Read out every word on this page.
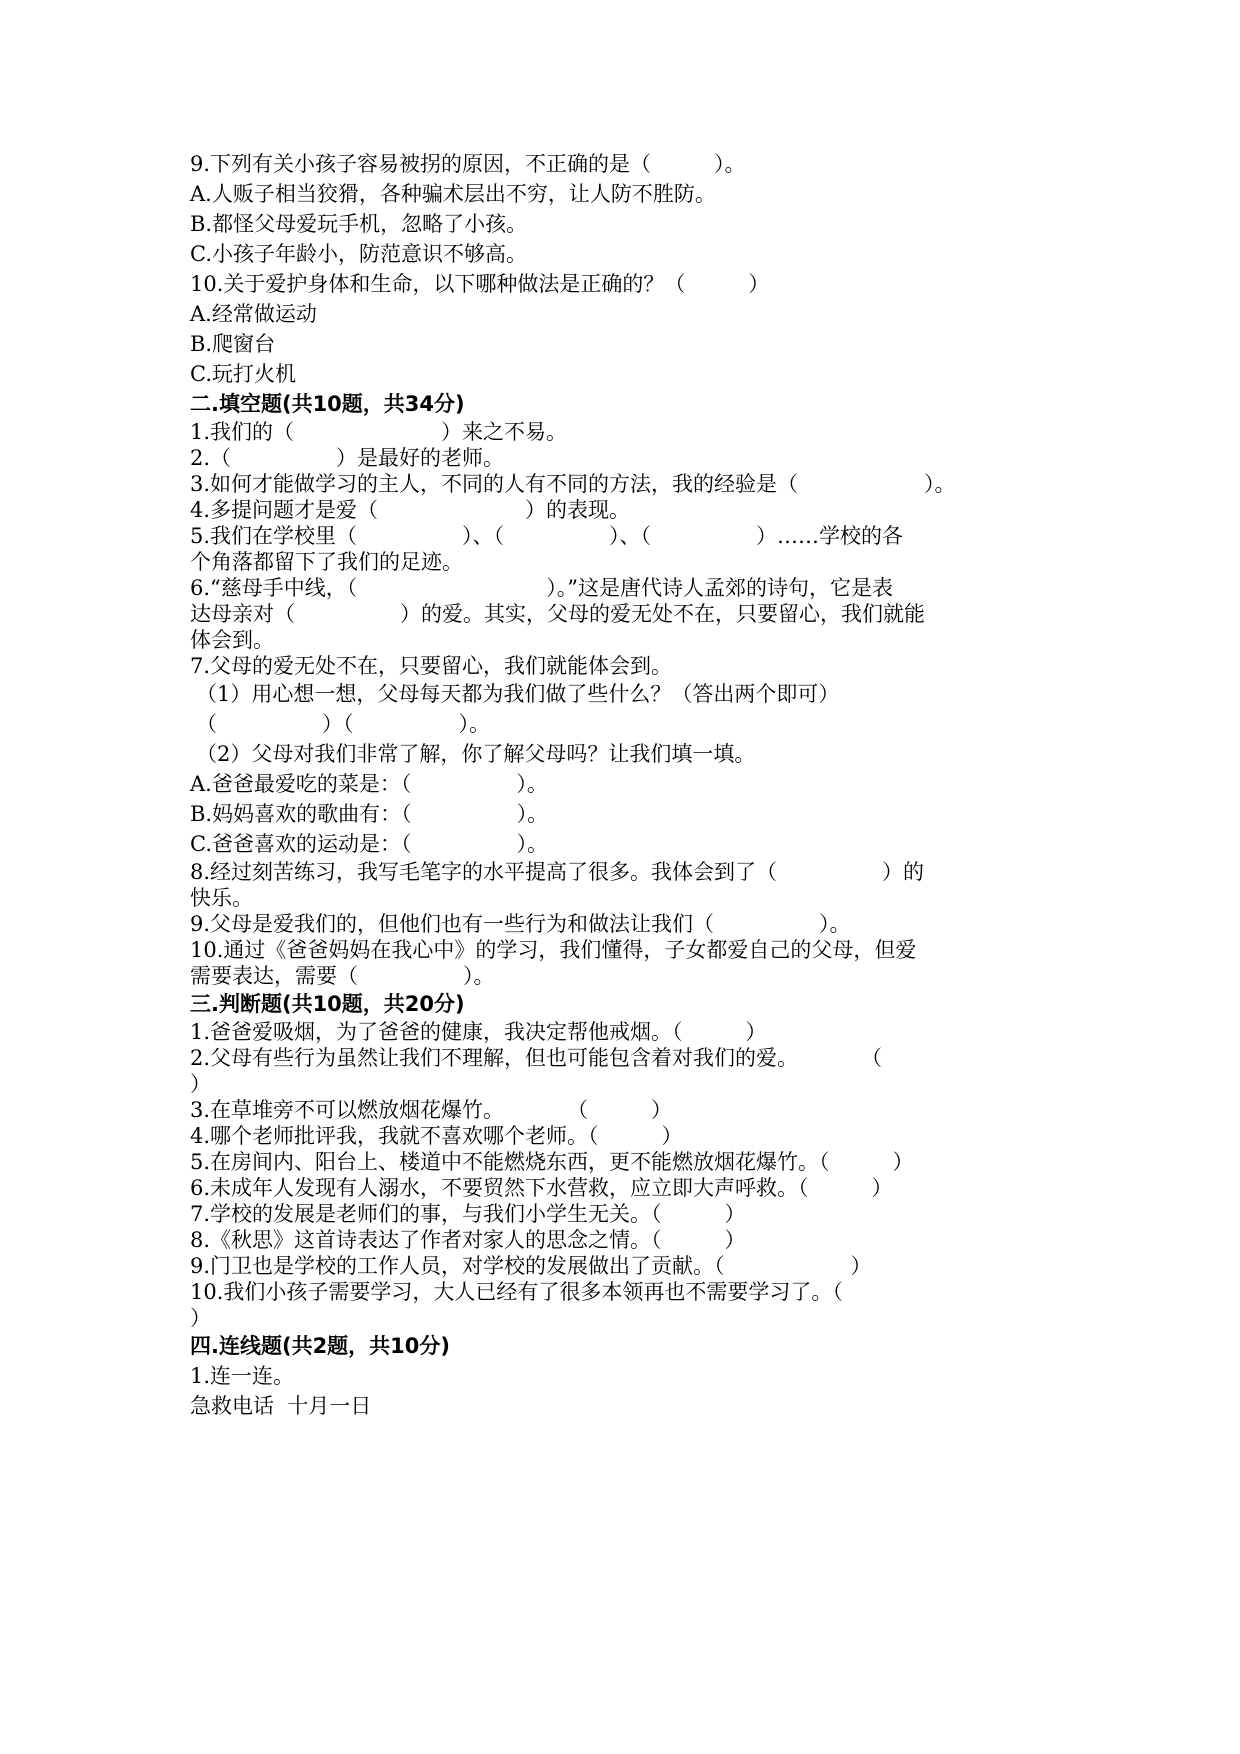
9.下列有关小孩子容易被拐的原因，不正确的是（　　　）。
A.人贩子相当狡猾，各种骗术层出不穷，让人防不胜防。
B.都怪父母爱玩手机，忽略了小孩。
C.小孩子年龄小，防范意识不够高。
10.关于爱护身体和生命，以下哪种做法是正确的？（　　　）
A.经常做运动
B.爬窗台
C.玩打火机
二.填空题(共10题，共34分)
1.我们的（　　　　　　　）来之不易。
2.（　　　　　）是最好的老师。
3.如何才能做学习的主人，不同的人有不同的方法，我的经验是（　　　　　　）。
4.多提问题才是爱（　　　　　　　）的表现。
5.我们在学校里（　　　　　）、（　　　　　）、（　　　　　）……学校的各
个角落都留下了我们的足迹。
6.“慈母手中线，（　　　　　　　　　）。”这是唐代诗人孟郊的诗句，它是表
达母亲对（　　　　　）的爱。其实，父母的爱无处不在，只要留心，我们就能
体会到。
7.父母的爱无处不在，只要留心，我们就能体会到。
（1）用心想一想，父母每天都为我们做了些什么？（答出两个即可）
（　　　　　）（　　　　　）。
（2）父母对我们非常了解，你了解父母吗？让我们填一填。
A.爸爸最爱吃的菜是：（　　　　　）。
B.妈妈喜欢的歌曲有：（　　　　　）。
C.爸爸喜欢的运动是：（　　　　　）。
8.经过刻苦练习，我写毛笔字的水平提高了很多。我体会到了（　　　　　）的
快乐。
9.父母是爱我们的，但他们也有一些行为和做法让我们（　　　　　）。
10.通过《爸爸妈妈在我心中》的学习，我们懂得，子女都爱自己的父母，但爱
需要表达，需要（　　　　　）。
三.判断题(共10题，共20分)
1.爸爸爱吸烟，为了爸爸的健康，我决定帮他戒烟。（　　　）
2.父母有些行为虽然让我们不理解，但也可能包含着对我们的爱。　　　　（
）
3.在草堆旁不可以燃放烟花爆竹。　　　　（　　　）
4.哪个老师批评我，我就不喜欢哪个老师。（　　　）
5.在房间内、阳台上、楼道中不能燃烧东西，更不能燃放烟花爆竹。（　　　）
6.未成年人发现有人溺水，不要贸然下水营救，应立即大声呼救。（　　　）
7.学校的发展是老师们的事，与我们小学生无关。（　　　）
8.《秋思》这首诗表达了作者对家人的思念之情。（　　　）
9.门卫也是学校的工作人员，对学校的发展做出了贡献。（　　　　　　）
10.我们小孩子需要学习，大人已经有了很多本领再也不需要学习了。（
）
四.连线题(共2题，共10分)
1.连一连。
急救电话  十月一日
